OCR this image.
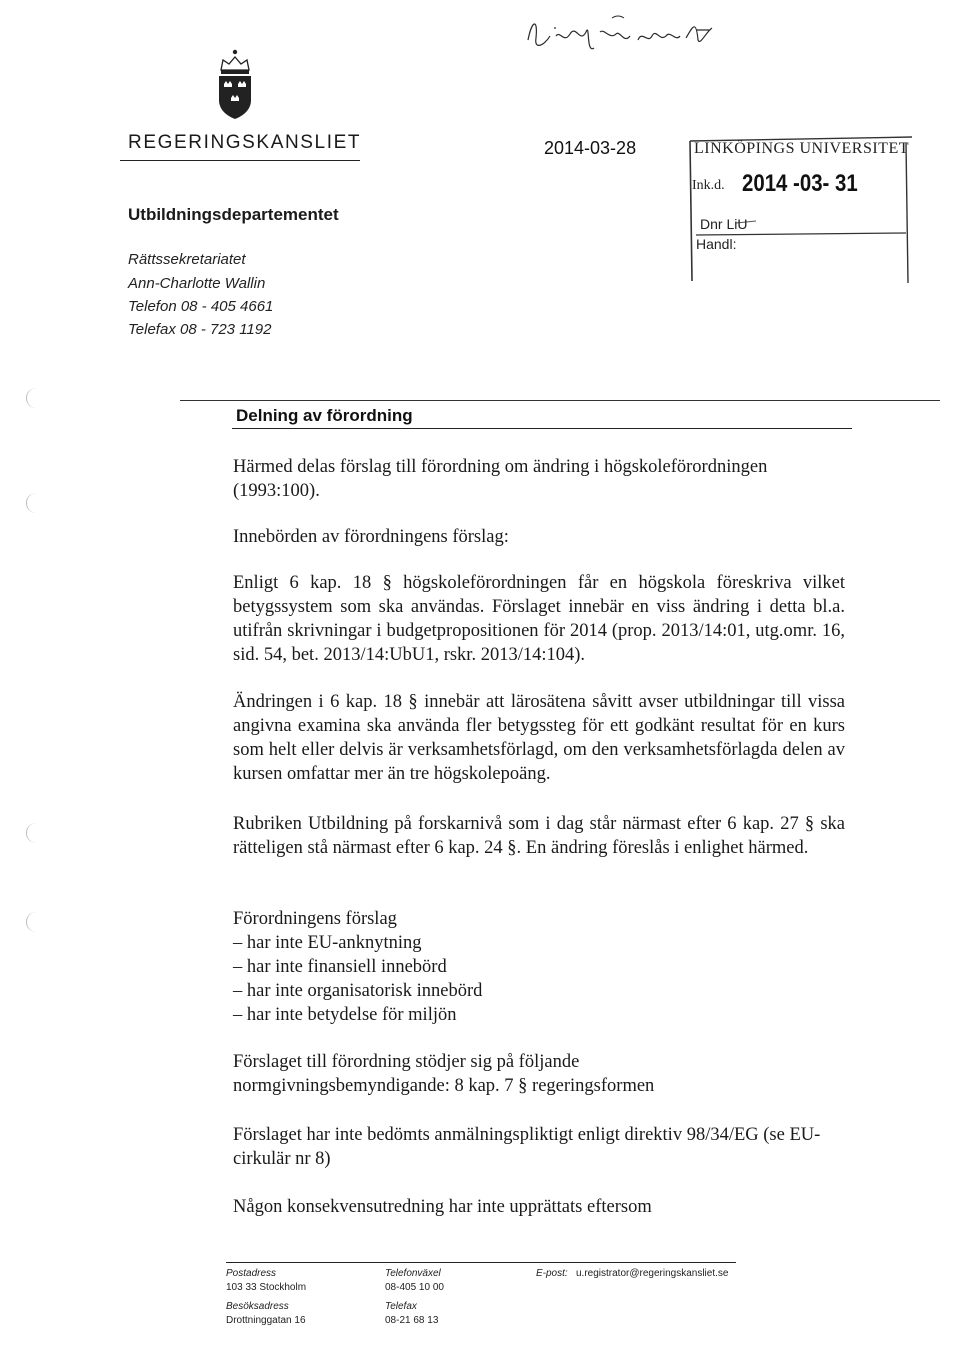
REGERINGSKANSLIET	2014-03-28	LINKÖPINGS UNIVERSITET
Ink.d. 2014 -03- 31
Dnr LiU
Handl:
Utbildningsdepartementet
Rättssekretariatet
Ann-Charlotte Wallin
Telefon 08 - 405 4661
Telefax 08 - 723 1192
Delning av förordning
Härmed delas förslag till förordning om ändring i högskoleförordningen (1993:100).
Innebörden av förordningens förslag:
Enligt 6 kap. 18 § högskoleförordningen får en högskola föreskriva vilket betygssystem som ska användas. Förslaget innebär en viss ändring i detta bl.a. utifrån skrivningar i budgetpropositionen för 2014 (prop. 2013/14:01, utg.omr. 16, sid. 54, bet. 2013/14:UbU1, rskr. 2013/14:104).
Ändringen i 6 kap. 18 § innebär att lärosätena såvitt avser utbildningar till vissa angivna examina ska använda fler betygssteg för ett godkänt resultat för en kurs som helt eller delvis är verksamhetsförlagd, om den verksamhetsförlagda delen av kursen omfattar mer än tre högskolepoäng.
Rubriken Utbildning på forskarnivå som i dag står närmast efter 6 kap. 27 § ska rätteligen stå närmast efter 6 kap. 24 §. En ändring föreslås i enlighet härmed.
Förordningens förslag
– har inte EU-anknytning
– har inte finansiell innebörd
– har inte organisatorisk innebörd
– har inte betydelse för miljön
Förslaget till förordning stödjer sig på följande normgivningsbemyndigande: 8 kap. 7 § regeringsformen
Förslaget har inte bedömts anmälningspliktigt enligt direktiv 98/34/EG (se EU-cirkulär nr 8)
Någon konsekvensutredning har inte upprättats eftersom
Postadress
103 33 Stockholm
Besöksadress
Drottninggatan 16
Telefonväxel
08-405 10 00
Telefax
08-21 68 13
E-post: u.registrator@regeringskansliet.se
